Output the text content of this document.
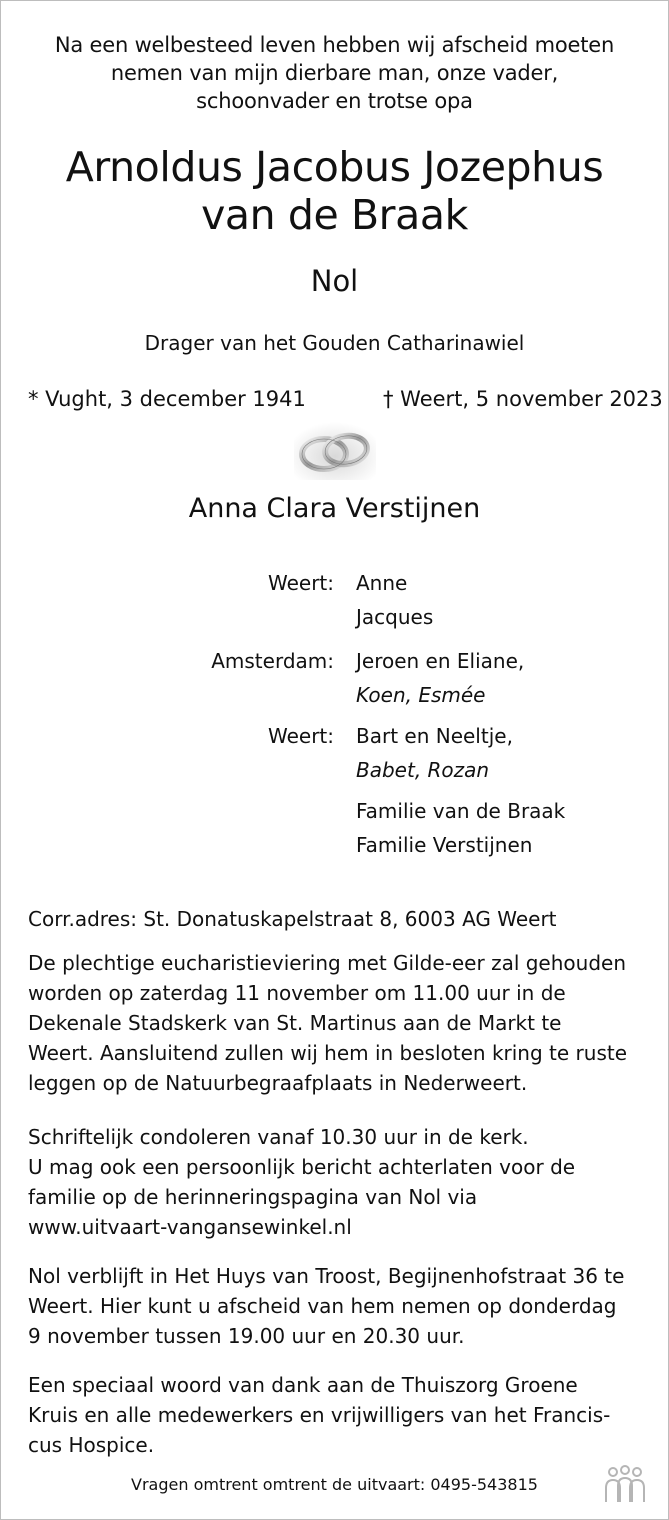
Na een welbesteed leven hebben wij afscheid moeten
nemen van mijn dierbare man, onze vader,
schoonvader en trotse opa
Arnoldus Jacobus Jozephus
van de Braak
Nol
Drager van het Gouden Catharinawiel
* Vught, 3 december 1941	† Weert, 5 november 2023
Anna Clara Verstijnen
Weert: Anne
Jacques
Amsterdam: Jeroen en Eliane,
Koen, Esmée
Weert: Bart en Neeltje,
Babet, Rozan
Familie van de Braak
Familie Verstijnen
Corr.adres: St. Donatuskapelstraat 8, 6003 AG Weert
De plechtige eucharistieviering met Gilde-eer zal gehouden
worden op zaterdag 11 november om 11.00 uur in de
Dekenale Stadskerk van St. Martinus aan de Markt te
Weert. Aansluitend zullen wij hem in besloten kring te ruste
leggen op de Natuurbegraafplaats in Nederweert.
Schriftelijk condoleren vanaf 10.30 uur in de kerk.
U mag ook een persoonlijk bericht achterlaten voor de
familie op de herinneringspagina van Nol via
www.uitvaart-vangansewinkel.nl
Nol verblijft in Het Huys van Troost, Begijnenhofstraat 36 te
Weert. Hier kunt u afscheid van hem nemen op donderdag
9 november tussen 19.00 uur en 20.30 uur.
Een speciaal woord van dank aan de Thuiszorg Groene
Kruis en alle medewerkers en vrijwilligers van het Francis-
cus Hospice.
Vragen omtrent omtrent de uitvaart: 0495-543815
